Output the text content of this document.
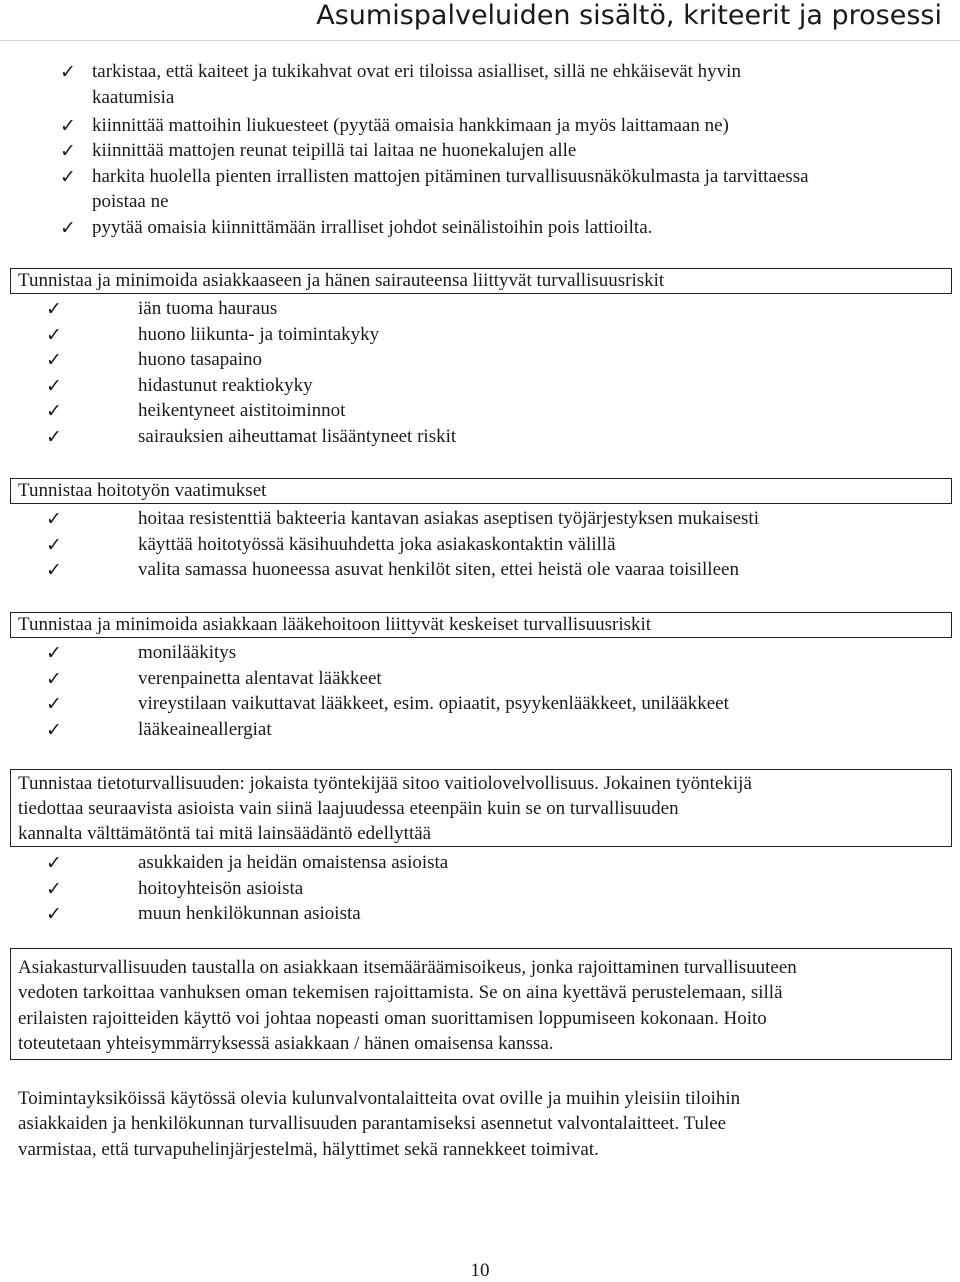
Asumispalveluiden sisältö, kriteerit ja prosessi
✓ tarkistaa, että kaiteet ja tukikahvat ovat eri tiloissa asialliset, sillä ne ehkäisevät hyvin
kaatumisia
✓ kiinnittää mattoihin liukuesteet (pyytää omaisia hankkimaan ja myös laittamaan ne)
✓ kiinnittää mattojen reunat teipillä tai laitaa ne huonekalujen alle
✓ harkita huolella pienten irrallisten mattojen pitäminen turvallisuusnäkökulmasta ja tarvittaessa
poistaa ne
✓ pyytää omaisia kiinnittämään irralliset johdot seinälistoihin pois lattioilta.
Tunnistaa ja minimoida asiakkaaseen ja hänen sairauteensa liittyvät turvallisuusriskit
✓	iän tuoma hauraus
✓	huono liikunta- ja toimintakyky
✓	huono tasapaino
✓	hidastunut reaktiokyky
✓	heikentyneet aistitoiminnot
✓	sairauksien aiheuttamat lisääntyneet riskit
Tunnistaa hoitotyön vaatimukset
✓	hoitaa resistenttiä bakteeria kantavan asiakas aseptisen työjärjestyksen mukaisesti
✓	käyttää hoitotyössä käsihuuhdetta joka asiakaskontaktin välillä
✓	valita samassa huoneessa asuvat henkilöt siten, ettei heistä ole vaaraa toisilleen
Tunnistaa ja minimoida asiakkaan lääkehoitoon liittyvät keskeiset turvallisuusriskit
✓	monilääkitys
✓	verenpainetta alentavat lääkkeet
✓	vireystilaan vaikuttavat lääkkeet, esim. opiaatit, psyykenlääkkeet, unilääkkeet
✓	lääkeaineallergiat
Tunnistaa tietoturvallisuuden: jokaista työntekijää sitoo vaitiolovelvollisuus. Jokainen työntekijä
tiedottaa seuraavista asioista vain siinä laajuudessa eteenpäin kuin se on turvallisuuden
kannalta välttämätöntä tai mitä lainsäädäntö edellyttää
✓	asukkaiden ja heidän omaistensa asioista
✓	hoitoyhteisön asioista
✓	muun henkilökunnan asioista
Asiakasturvallisuuden taustalla on asiakkaan itsemääräämisoikeus, jonka rajoittaminen turvallisuuteen
vedoten tarkoittaa vanhuksen oman tekemisen rajoittamista. Se on aina kyettävä perustelemaan, sillä
erilaisten rajoitteiden käyttö voi johtaa nopeasti oman suorittamisen loppumiseen kokonaan. Hoito
toteutetaan yhteisymmärryksessä asiakkaan / hänen omaisensa kanssa.
Toimintayksiköissä käytössä olevia kulunvalvontalaitteita ovat oville ja muihin yleisiin tiloihin
asiakkaiden ja henkilökunnan turvallisuuden parantamiseksi asennetut valvontalaitteet. Tulee
varmistaa, että turvapuhelinjärjestelmä, hälyttimet sekä rannekkeet toimivat.
10
